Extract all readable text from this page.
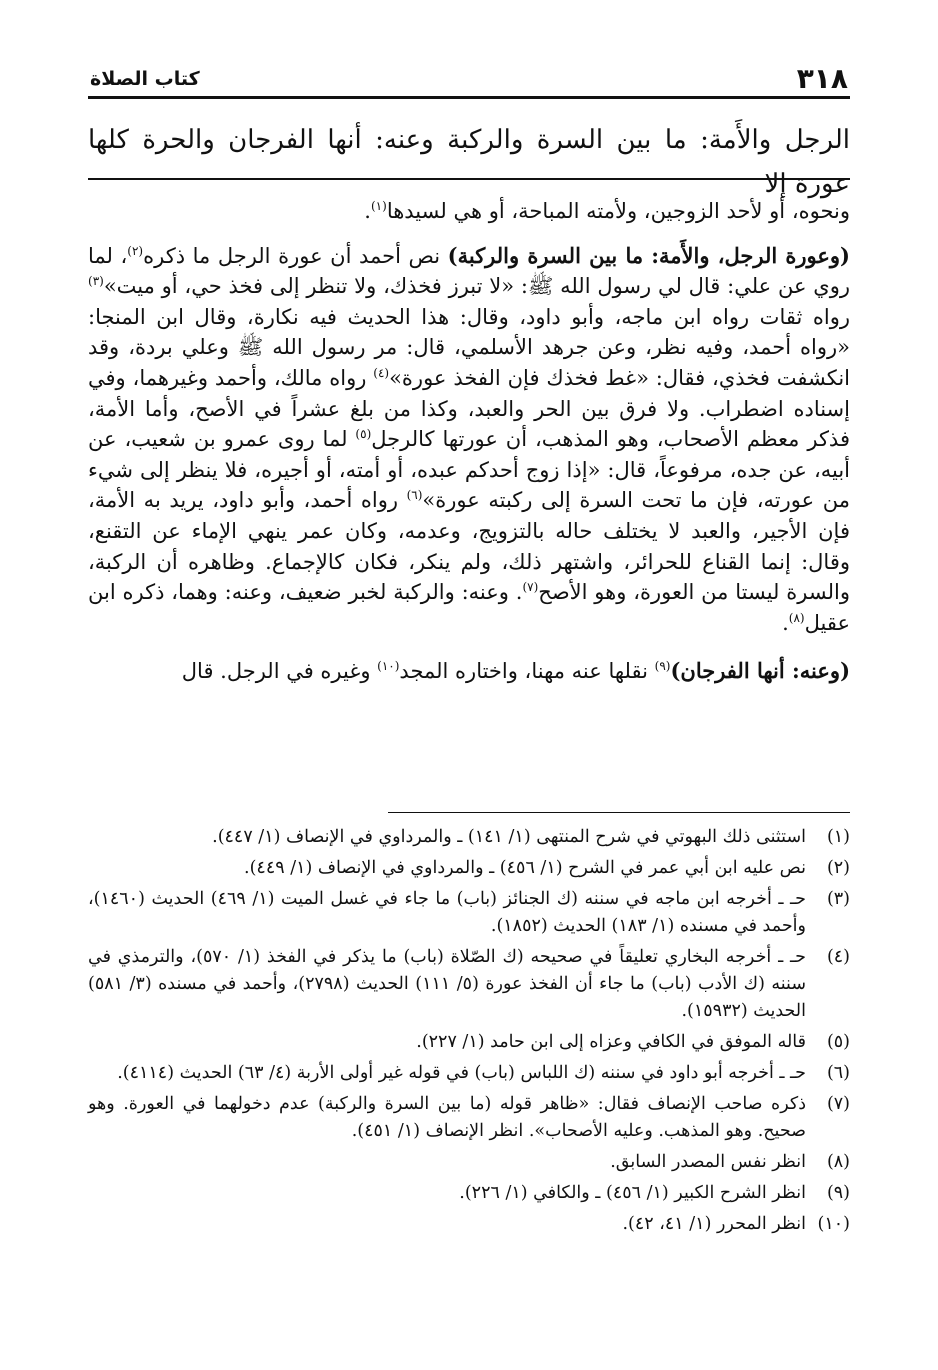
٣١٨
كتاب الصلاة
الرجل والأَمة: ما بين السرة والركبة وعنه: أنها الفرجان والحرة كلها عورة إلا

ونحوه، أو لأحد الزوجين، ولأمته المباحة، أو هي لسيدها$^{(١)}$.

(وعورة الرجل، والأَمة: ما بين السرة والركبة) نص أحمد أن عورة الرجل ما ذكره$^{(٢)}$، لما روي عن علي: قال لي رسول الله ﷺ: «لا تبرز فخذك، ولا تنظر إلى فخذ حي، أو ميت»$^{(٣)}$ رواه ثقات رواه ابن ماجه، وأبو داود، وقال: هذا الحديث فيه نكارة، وقال ابن المنجا: «رواه أحمد، وفيه نظر، وعن جرهد الأسلمي، قال: مر رسول الله ﷺ وعلي بردة، وقد انكشفت فخذي، فقال: «غط فخذك فإن الفخذ عورة»$^{(٤)}$ رواه مالك، وأحمد وغيرهما، وفي إسناده اضطراب. ولا فرق بين الحر والعبد، وكذا من بلغ عشراً في الأصح، وأما الأمة، فذكر معظم الأصحاب، وهو المذهب، أن عورتها كالرجل$^{(٥)}$ لما روى عمرو بن شعيب، عن أبيه، عن جده، مرفوعاً، قال: «إذا زوج أحدكم عبده، أو أمته، أو أجيره، فلا ينظر إلى شيء من عورته، فإن ما تحت السرة إلى ركبته عورة»$^{(٦)}$ رواه أحمد، وأبو داود، يريد به الأمة، فإن الأجير، والعبد لا يختلف حاله بالتزويج، وعدمه، وكان عمر ينهي الإماء عن التقنع، وقال: إنما القناع للحرائر، واشتهر ذلك، ولم ينكر، فكان كالإجماع. وظاهره أن الركبة، والسرة ليستا من العورة، وهو الأصح$^{(٧)}$. وعنه: والركبة لخبر ضعيف، وعنه: وهما، ذكره ابن عقيل$^{(٨)}$.

(وعنه: أنها الفرجان)$^{(٩)}$ نقلها عنه مهنا، واختاره المجد$^{(١٠)}$ وغيره في الرجل. قال

(١)
استثنى ذلك البهوتي في شرح المنتهى (١/ ١٤١) ـ والمرداوي في الإنصاف (١/ ٤٤٧).
(٢)
نص عليه ابن أبي عمر في الشرح (١/ ٤٥٦) ـ والمرداوي في الإنصاف (١/ ٤٤٩).
(٣)
حـ ـ أخرجه ابن ماجه في سننه (ك الجنائز (باب) ما جاء في غسل الميت (١/ ٤٦٩) الحديث (١٤٦٠)، وأحمد في مسنده (١/ ١٨٣) الحديث (١٨٥٢).
(٤)
حـ ـ أخرجه البخاري تعليقاً في صحيحه (ك الصّلاة (باب) ما يذكر في الفخذ (١/ ٥٧٠)، والترمذي في سننه (ك الأدب (باب) ما جاء أن الفخذ عورة (٥/ ١١١) الحديث (٢٧٩٨)، وأحمد في مسنده (٣/ ٥٨١) الحديث (١٥٩٣٢).
(٥)
قاله الموفق في الكافي وعزاه إلى ابن حامد (١/ ٢٢٧).
(٦)
حـ ـ أخرجه أبو داود في سننه (ك اللباس (باب) في قوله غير أولى الأربة (٤/ ٦٣) الحديث (٤١١٤).
(٧)
ذكره صاحب الإنصاف فقال: «ظاهر قوله (ما بين السرة والركبة) عدم دخولهما في العورة. وهو صحيح. وهو المذهب. وعليه الأصحاب». انظر الإنصاف (١/ ٤٥١).
(٨)
انظر نفس المصدر السابق.
(٩)
انظر الشرح الكبير (١/ ٤٥٦) ـ والكافي (١/ ٢٢٦).
(١٠)
انظر المحرر (١/ ٤١، ٤٢).
